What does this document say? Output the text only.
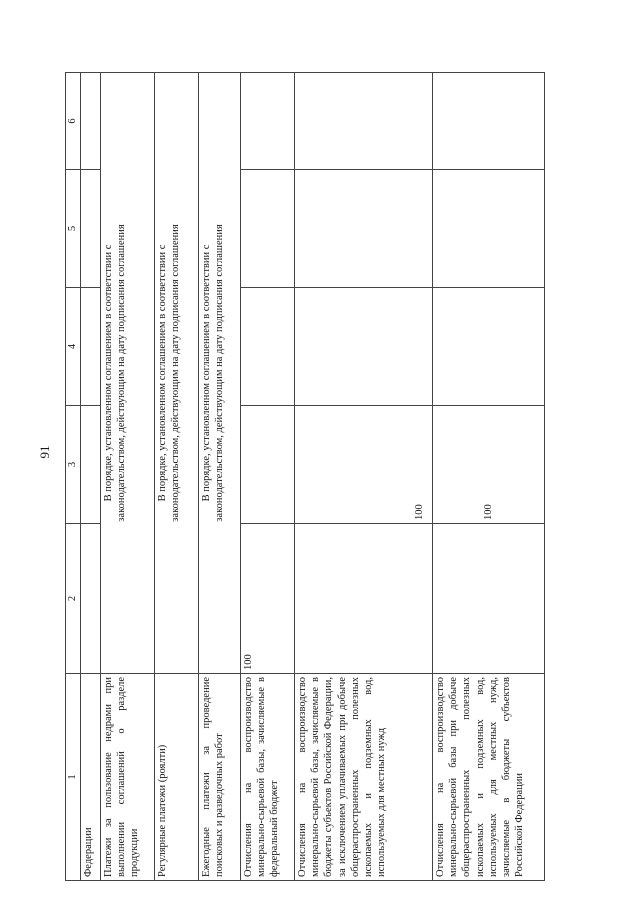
91
1	2	3	4	5	6
Федерации					
Платежи за пользование недрами при выполнении соглашений о разделе продукции	В порядке, установленном соглашением в соответствии с законодательством, действующим на дату подписания соглашения				

Регулярные платежи (роялти)	В порядке, установленном соглашением в соответствии с законодательством, действующим на дату подписания соглашения				

Ежегодные платежи за проведение поисковых и разведочных работ	В порядке, установленном соглашением в соответствии с законодательством, действующим на дату подписания соглашения				

Отчисления на воспроизводство минерально-сырьевой базы, зачисляемые в федеральный бюджет	100				
Отчисления на воспроизводство минерально-сырьевой базы, зачисляемые в бюджеты субъектов Российской Федерации, за исключением уплачиваемых при добыче общераспространенных полезных ископаемых и подземных вод, используемых для местных нужд		100			
Отчисления на воспроизводство минерально-сырьевой базы при добыче общераспространенных полезных ископаемых и подземных вод, используемых для местных нужд, зачисляемые в бюджеты субъектов Российской Федерации		100			
